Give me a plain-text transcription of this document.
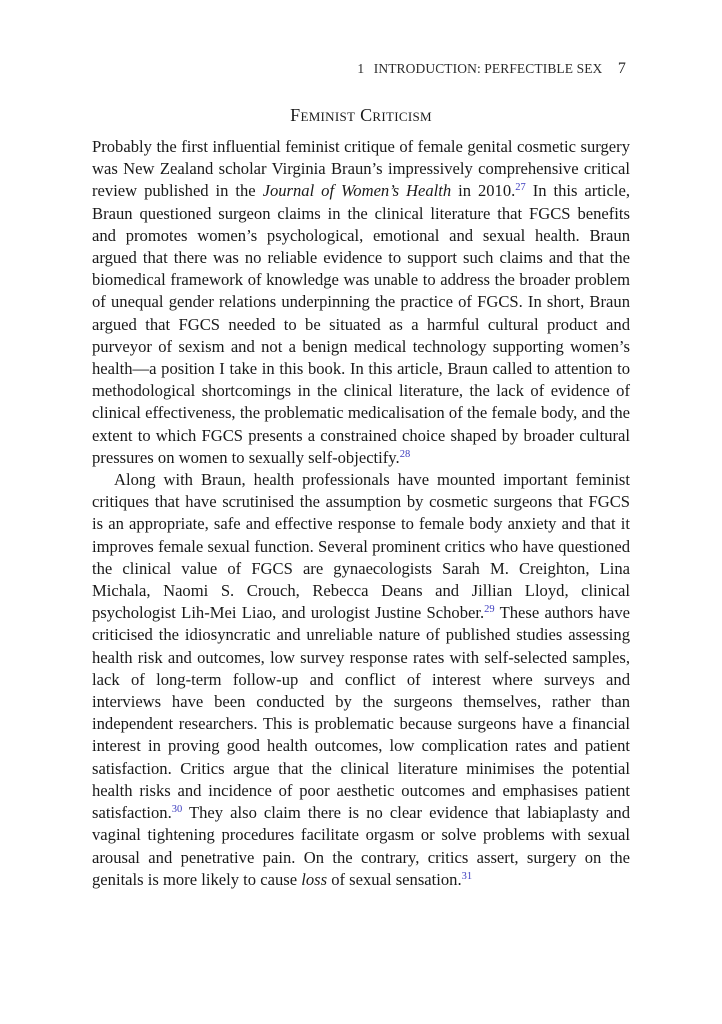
1 INTRODUCTION: PERFECTIBLE SEX 7
Feminist Criticism

Probably the first influential feminist critique of female genital cosmetic surgery was New Zealand scholar Virginia Braun’s impressively comprehensive critical review published in the Journal of Women’s Health in 2010.27 In this article, Braun questioned surgeon claims in the clinical literature that FGCS benefits and promotes women’s psychological, emotional and sexual health. Braun argued that there was no reliable evidence to support such claims and that the biomedical framework of knowledge was unable to address the broader problem of unequal gender relations underpinning the practice of FGCS. In short, Braun argued that FGCS needed to be situated as a harmful cultural product and purveyor of sexism and not a benign medical technology supporting women’s health—a position I take in this book. In this article, Braun called to attention to methodological shortcomings in the clinical literature, the lack of evidence of clinical effectiveness, the problematic medicalisation of the female body, and the extent to which FGCS presents a constrained choice shaped by broader cultural pressures on women to sexually self-objectify.$^{28}$

Along with Braun, health professionals have mounted important feminist critiques that have scrutinised the assumption by cosmetic surgeons that FGCS is an appropriate, safe and effective response to female body anxiety and that it improves female sexual function. Several prominent critics who have questioned the clinical value of FGCS are gynaecologists Sarah M. Creighton, Lina Michala, Naomi S. Crouch, Rebecca Deans and Jillian Lloyd, clinical psychologist Lih-Mei Liao, and urologist Justine Schober.$^{29}$ These authors have criticised the idiosyncratic and unreliable nature of published studies assessing health risk and outcomes, low survey response rates with self-selected samples, lack of long-term follow-up and conflict of interest where surveys and interviews have been conducted by the surgeons themselves, rather than independent researchers. This is problematic because surgeons have a financial interest in proving good health outcomes, low complication rates and patient satisfaction. Critics argue that the clinical literature minimises the potential health risks and incidence of poor aesthetic outcomes and emphasises patient satisfaction.$^{30}$ They also claim there is no clear evidence that labiaplasty and vaginal tightening procedures facilitate orgasm or solve problems with sexual arousal and penetrative pain. On the contrary, critics assert, surgery on the genitals is more likely to cause loss of sexual sensation.$^{31}$
